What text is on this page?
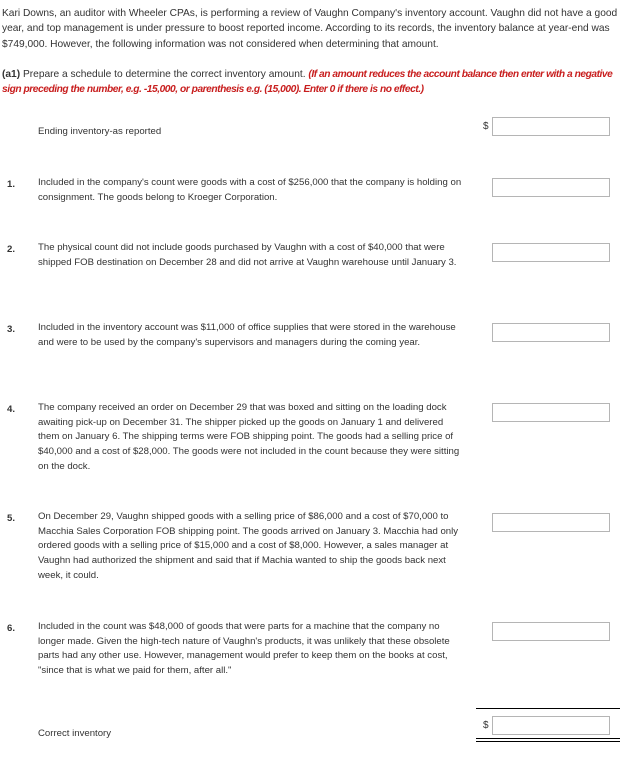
Kari Downs, an auditor with Wheeler CPAs, is performing a review of Vaughn Company's inventory account. Vaughn did not have a good year, and top management is under pressure to boost reported income. According to its records, the inventory balance at year-end was $749,000. However, the following information was not considered when determining that amount.

(a1) Prepare a schedule to determine the correct inventory amount. (If an amount reduces the account balance then enter with a negative sign preceding the number, e.g. -15,000, or parenthesis e.g. (15,000). Enter 0 if there is no effect.)

Ending inventory-as reported	$
1. Included in the company's count were goods with a cost of $256,000 that the company is holding on consignment. The goods belong to Kroeger Corporation.
2. The physical count did not include goods purchased by Vaughn with a cost of $40,000 that were shipped FOB destination on December 28 and did not arrive at Vaughn warehouse until January 3.
3. Included in the inventory account was $11,000 of office supplies that were stored in the warehouse and were to be used by the company's supervisors and managers during the coming year.
4. The company received an order on December 29 that was boxed and sitting on the loading dock awaiting pick-up on December 31. The shipper picked up the goods on January 1 and delivered them on January 6. The shipping terms were FOB shipping point. The goods had a selling price of $40,000 and a cost of $28,000. The goods were not included in the count because they were sitting on the dock.
5. On December 29, Vaughn shipped goods with a selling price of $86,000 and a cost of $70,000 to Macchia Sales Corporation FOB shipping point. The goods arrived on January 3. Macchia had only ordered goods with a selling price of $15,000 and a cost of $8,000. However, a sales manager at Vaughn had authorized the shipment and said that if Machia wanted to ship the goods back next week, it could.
6. Included in the count was $48,000 of goods that were parts for a machine that the company no longer made. Given the high-tech nature of Vaughn's products, it was unlikely that these obsolete parts had any other use. However, management would prefer to keep them on the books at cost, "since that is what we paid for them, after all."
Correct inventory
$
